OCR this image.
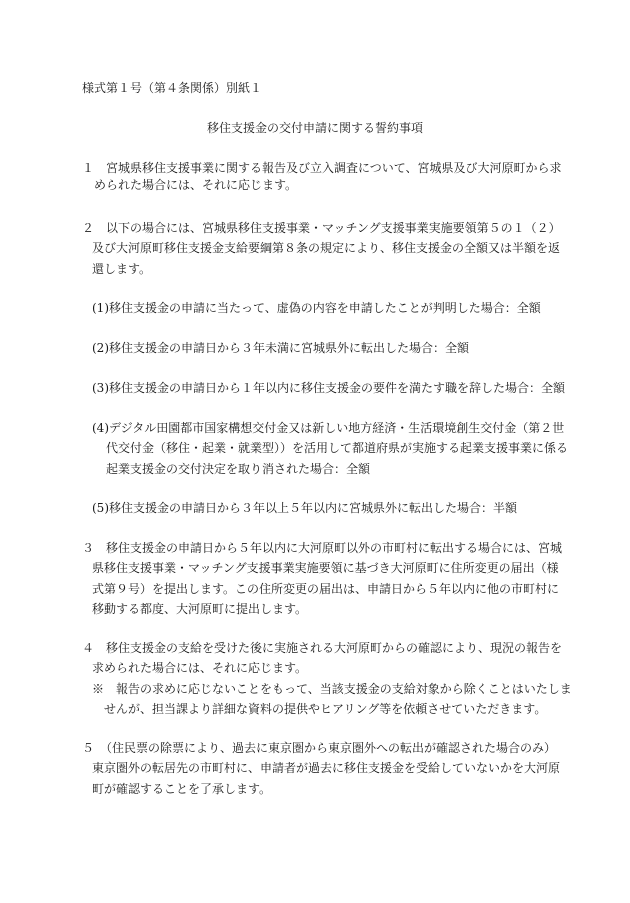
様式第１号（第４条関係）別紙１
移住支援金の交付申請に関する誓約事項
１　宮城県移住支援事業に関する報告及び立入調査について、宮城県及び大河原町から求
められた場合には、それに応じます。
２　以下の場合には、宮城県移住支援事業・マッチング支援事業実施要領第５の１（２）
及び大河原町移住支援金支給要綱第８条の規定により、移住支援金の全額又は半額を返
還します。
(1)移住支援金の申請に当たって、虚偽の内容を申請したことが判明した場合：全額
(2)移住支援金の申請日から３年未満に宮城県外に転出した場合：全額
(3)移住支援金の申請日から１年以内に移住支援金の要件を満たす職を辞した場合：全額
(4)デジタル田園都市国家構想交付金又は新しい地方経済・生活環境創生交付金（第２世
代交付金（移住・起業・就業型））を活用して都道府県が実施する起業支援事業に係る
起業支援金の交付決定を取り消された場合：全額
(5)移住支援金の申請日から３年以上５年以内に宮城県外に転出した場合：半額
３　移住支援金の申請日から５年以内に大河原町以外の市町村に転出する場合には、宮城
県移住支援事業・マッチング支援事業実施要領に基づき大河原町に住所変更の届出（様
式第９号）を提出します。この住所変更の届出は、申請日から５年以内に他の市町村に
移動する都度、大河原町に提出します。
４　移住支援金の支給を受けた後に実施される大河原町からの確認により、現況の報告を
求められた場合には、それに応じます。
※　報告の求めに応じないことをもって、当該支援金の支給対象から除くことはいたしま
せんが、担当課より詳細な資料の提供やヒアリング等を依頼させていただきます。
５　（住民票の除票により、過去に東京圏から東京圏外への転出が確認された場合のみ）
東京圏外の転居先の市町村に、申請者が過去に移住支援金を受給していないかを大河原
町が確認することを了承します。
